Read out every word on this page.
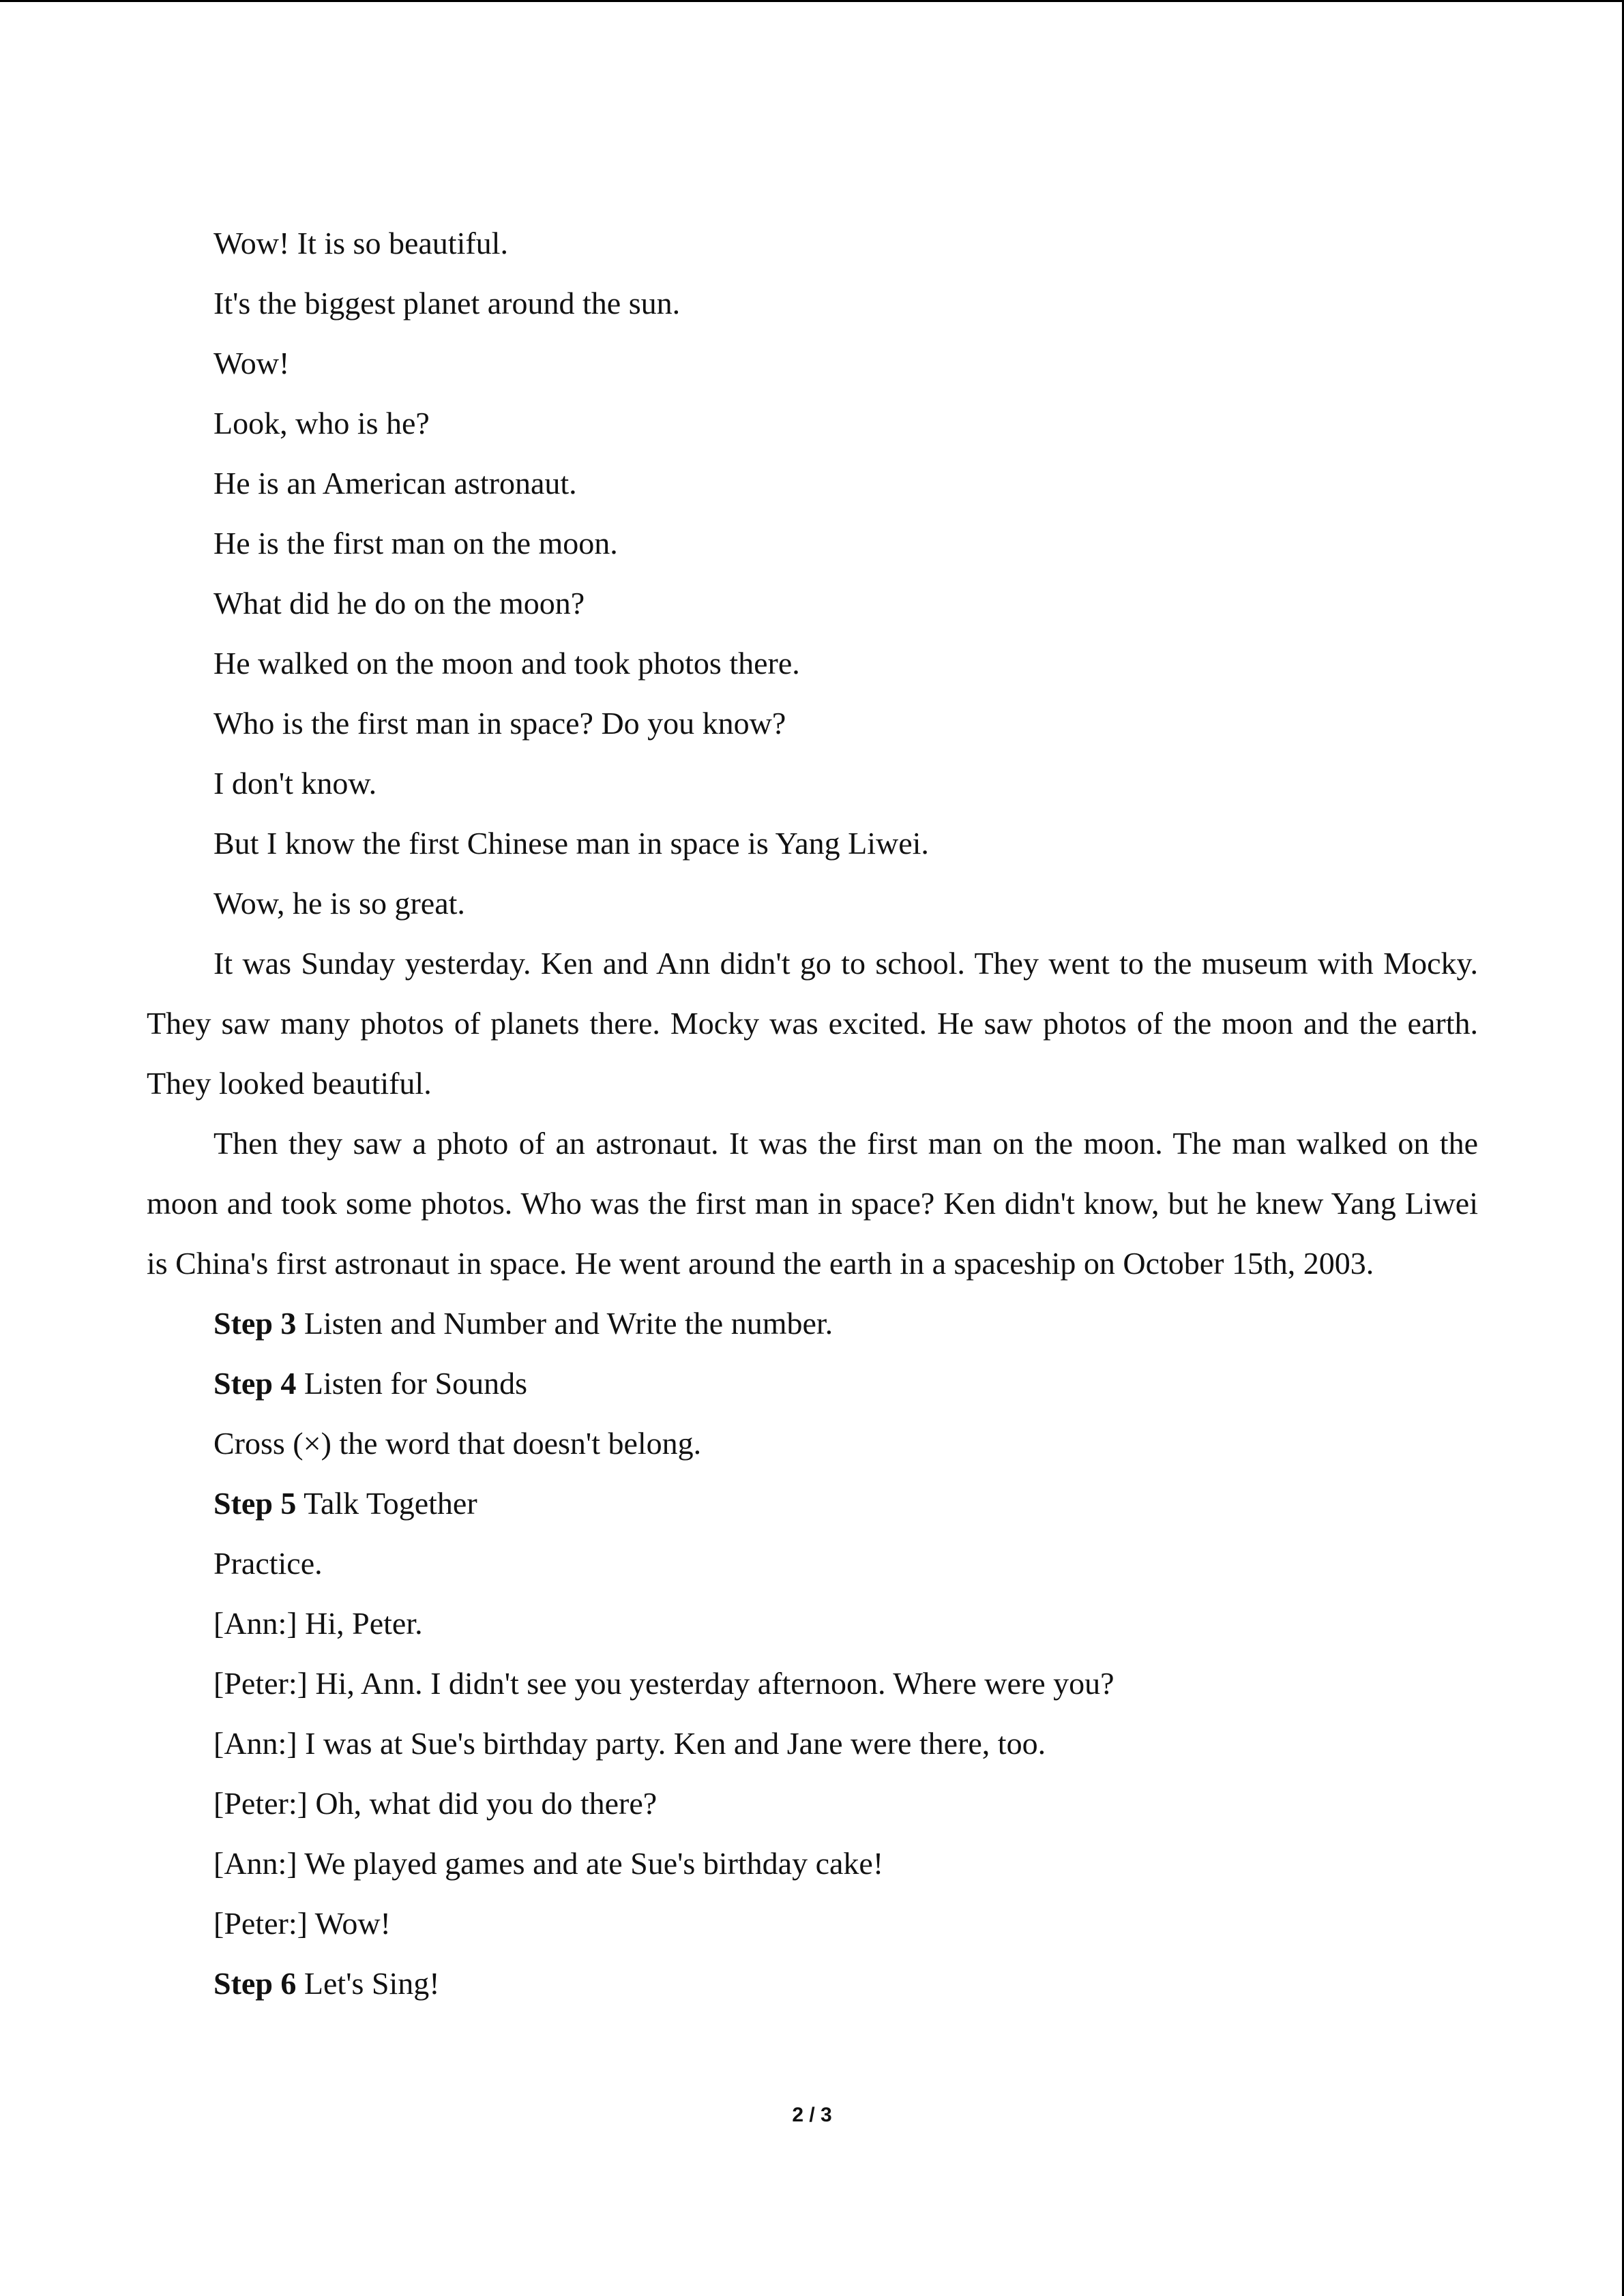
Wow! It is so beautiful.

It's the biggest planet around the sun.

Wow!

Look, who is he?

He is an American astronaut.

He is the first man on the moon.

What did he do on the moon?

He walked on the moon and took photos there.

Who is the first man in space? Do you know?

I don't know.

But I know the first Chinese man in space is Yang Liwei.

Wow, he is so great.

It was Sunday yesterday. Ken and Ann didn't go to school. They went to the museum with Mocky. They saw many photos of planets there. Mocky was excited. He saw photos of the moon and the earth. They looked beautiful.

Then they saw a photo of an astronaut. It was the first man on the moon. The man walked on the moon and took some photos. Who was the first man in space? Ken didn't know, but he knew Yang Liwei is China's first astronaut in space. He went around the earth in a spaceship on October 15th, 2003.

Step 3 Listen and Number and Write the number.

Step 4 Listen for Sounds

Cross (×) the word that doesn't belong.

Step 5 Talk Together

Practice.

[Ann:] Hi, Peter.

[Peter:] Hi, Ann. I didn't see you yesterday afternoon. Where were you?

[Ann:] I was at Sue's birthday party. Ken and Jane were there, too.

[Peter:] Oh, what did you do there?

[Ann:] We played games and ate Sue's birthday cake!

[Peter:] Wow!

Step 6 Let's Sing!

2 / 3
